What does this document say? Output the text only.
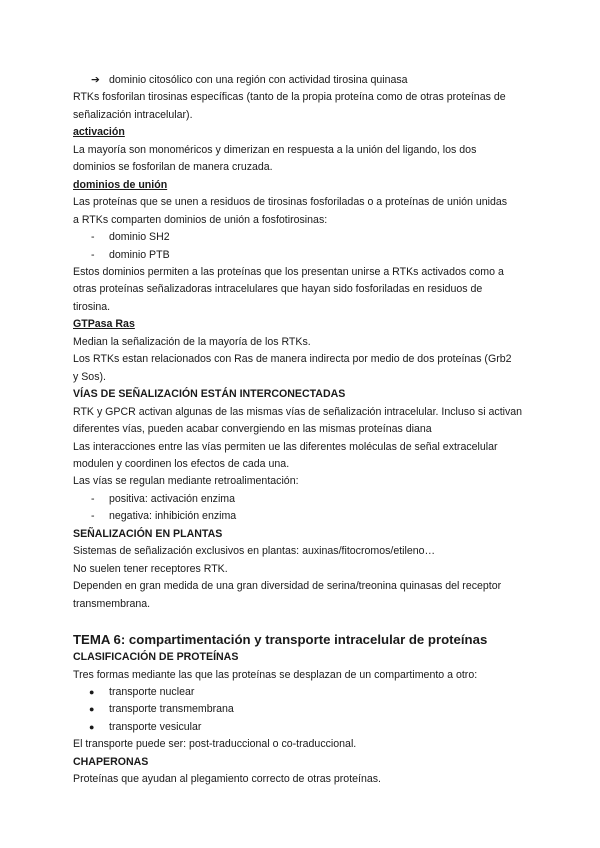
➔ dominio citosólico con una región con actividad tirosina quinasa
RTKs fosforilan tirosinas específicas (tanto de la propia proteína como de otras proteínas de
señalización intracelular).
activación
La mayoría son monoméricos y dimerizan en respuesta a la unión del ligando, los dos
dominios se fosforilan de manera cruzada.
dominios de unión
Las proteínas que se unen a residuos de tirosinas fosforiladas o a proteínas de unión unidas
a RTKs comparten dominios de unión a fosfotirosinas:
- dominio SH2
- dominio PTB
Estos dominios permiten a las proteínas que los presentan unirse a RTKs activados como a
otras proteínas señalizadoras intracelulares que hayan sido fosforiladas en residuos de
tirosina.
GTPasa Ras
Median la señalización de la mayoría de los RTKs.
Los RTKs estan relacionados con Ras de manera indirecta por medio de dos proteínas (Grb2
y Sos).
VÍAS DE SEÑALIZACIÓN ESTÁN INTERCONECTADAS
RTK y GPCR activan algunas de las mismas vías de señalización intracelular. Incluso si activan
diferentes vías, pueden acabar convergiendo en las mismas proteínas diana
Las interacciones entre las vías permiten ue las diferentes moléculas de señal extracelular
modulen y coordinen los efectos de cada una.
Las vías se regulan mediante retroalimentación:
- positiva: activación enzima
- negativa: inhibición enzima
SEÑALIZACIÓN EN PLANTAS
Sistemas de señalización exclusivos en plantas: auxinas/fitocromos/etileno…
No suelen tener receptores RTK.
Dependen en gran medida de una gran diversidad de serina/treonina quinasas del receptor
transmembrana.
TEMA 6: compartimentación y transporte intracelular de proteínas
CLASIFICACIÓN DE PROTEÍNAS
Tres formas mediante las que las proteínas se desplazan de un compartimento a otro:
● transporte nuclear
● transporte transmembrana
● transporte vesicular
El transporte puede ser: post-traduccional o co-traduccional.
CHAPERONAS
Proteínas que ayudan al plegamiento correcto de otras proteínas.
